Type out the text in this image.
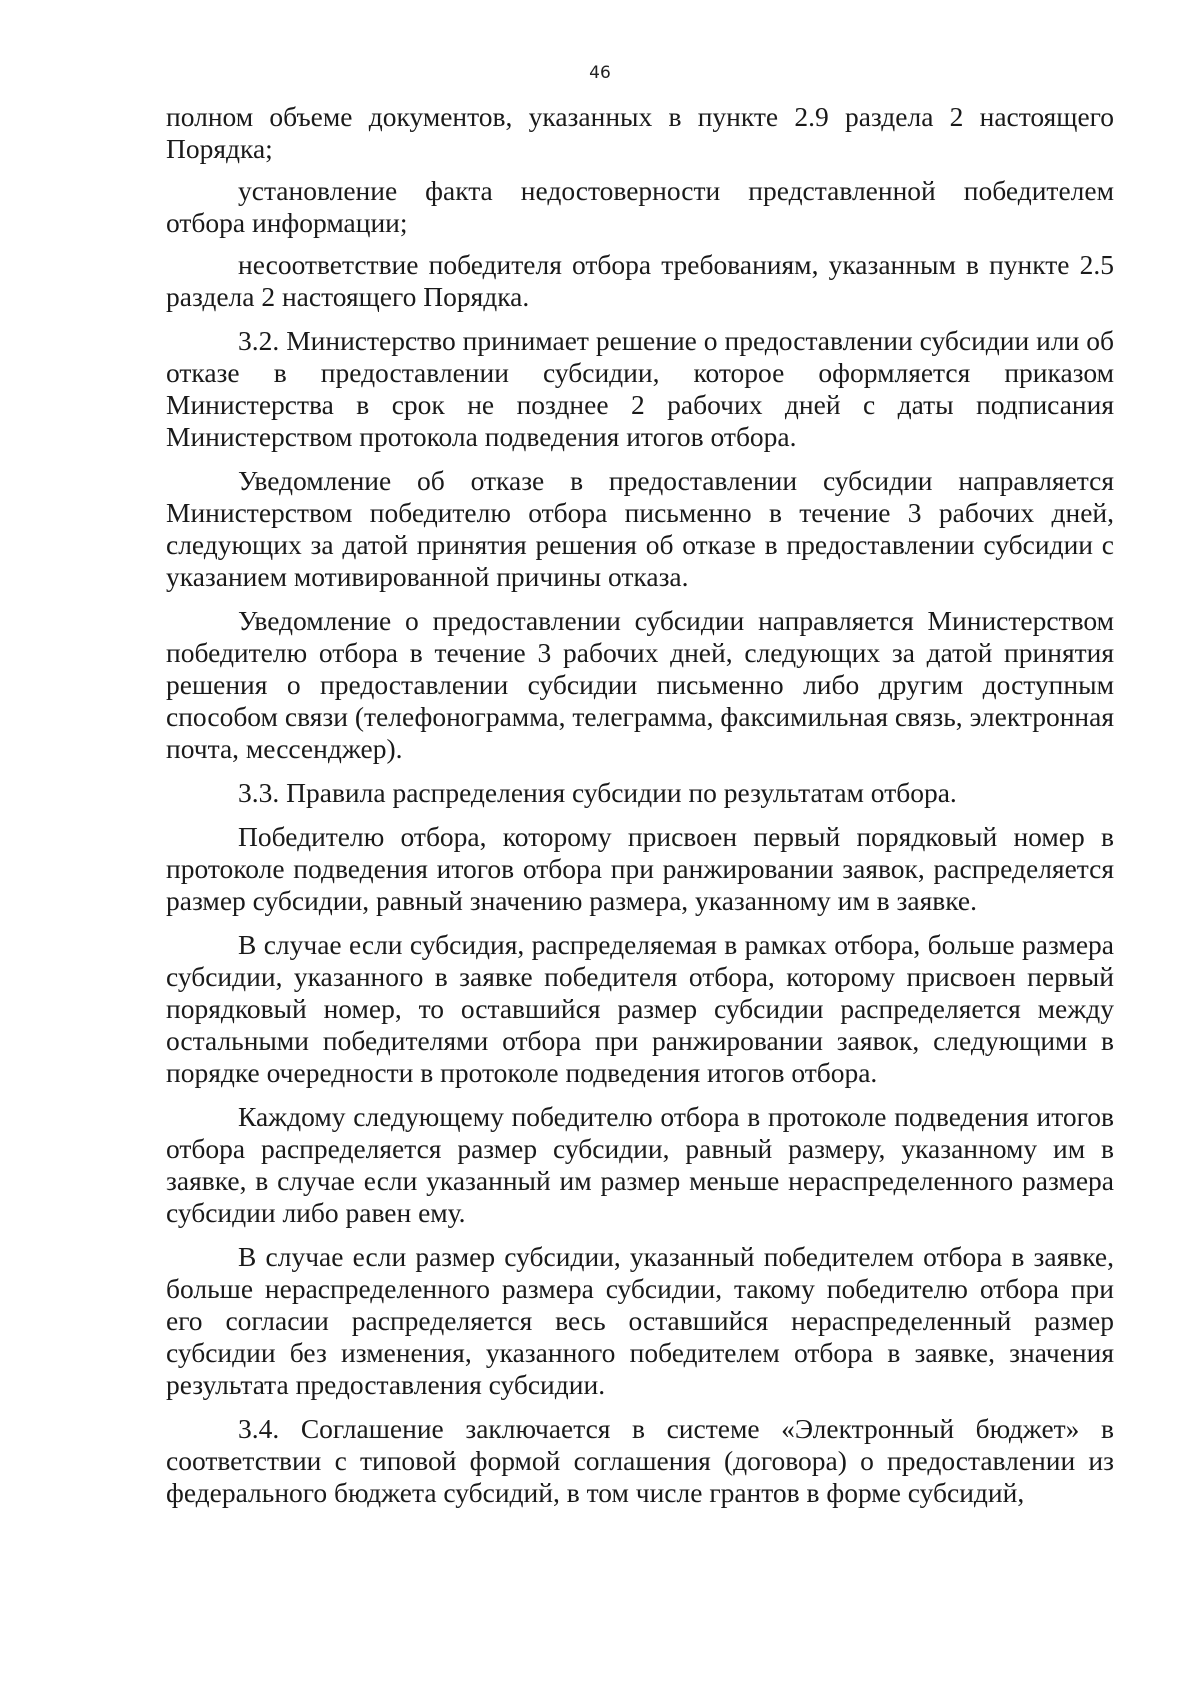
46

полном объеме документов, указанных в пункте 2.9 раздела 2 настоящего Порядка;

установление факта недостоверности представленной победителем отбора информации;

несоответствие победителя отбора требованиям, указанным в пункте 2.5 раздела 2 настоящего Порядка.

3.2. Министерство принимает решение о предоставлении субсидии или об отказе в предоставлении субсидии, которое оформляется приказом Министерства в срок не позднее 2 рабочих дней с даты подписания Министерством протокола подведения итогов отбора.

Уведомление об отказе в предоставлении субсидии направляется Министерством победителю отбора письменно в течение 3 рабочих дней, следующих за датой принятия решения об отказе в предоставлении субсидии с указанием мотивированной причины отказа.

Уведомление о предоставлении субсидии направляется Министерством победителю отбора в течение 3 рабочих дней, следующих за датой принятия решения о предоставлении субсидии письменно либо другим доступным способом связи (телефонограмма, телеграмма, факсимильная связь, электронная почта, мессенджер).

3.3. Правила распределения субсидии по результатам отбора.

Победителю отбора, которому присвоен первый порядковый номер в протоколе подведения итогов отбора при ранжировании заявок, распределяется размер субсидии, равный значению размера, указанному им в заявке.

В случае если субсидия, распределяемая в рамках отбора, больше размера субсидии, указанного в заявке победителя отбора, которому присвоен первый порядковый номер, то оставшийся размер субсидии распределяется между остальными победителями отбора при ранжировании заявок, следующими в порядке очередности в протоколе подведения итогов отбора.

Каждому следующему победителю отбора в протоколе подведения итогов отбора распределяется размер субсидии, равный размеру, указанному им в заявке, в случае если указанный им размер меньше нераспределенного размера субсидии либо равен ему.

В случае если размер субсидии, указанный победителем отбора в заявке, больше нераспределенного размера субсидии, такому победителю отбора при его согласии распределяется весь оставшийся нераспределенный размер субсидии без изменения, указанного победителем отбора в заявке, значения результата предоставления субсидии.

3.4. Соглашение заключается в системе «Электронный бюджет» в соответствии с типовой формой соглашения (договора) о предоставлении из федерального бюджета субсидий, в том числе грантов в форме субсидий,
